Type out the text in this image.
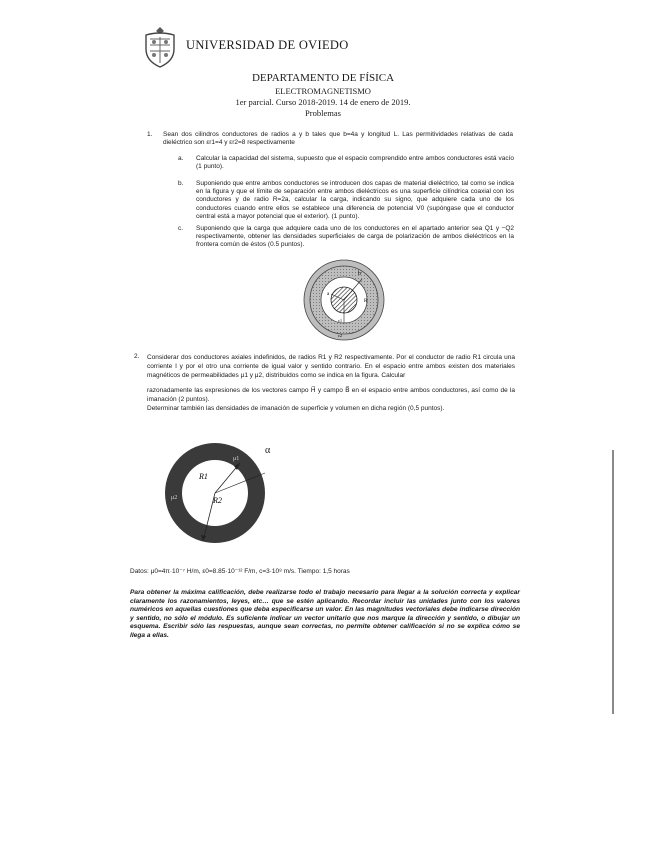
UNIVERSIDAD DE OVIEDO
DEPARTAMENTO DE FÍSICA
ELECTROMAGNETISMO
1er parcial. Curso 2018-2019. 14 de enero de 2019.
Problemas
1. Sean dos cilindros conductores de radios a y b tales que b=4a y longitud L. Las permitividades relativas de cada dieléctrico son εr1=4 y εr2=8 respectivamente
a. Calcular la capacidad del sistema, supuesto que el espacio comprendido entre ambos conductores está vacío (1 punto).
b. Suponiendo que entre ambos conductores se introducen dos capas de material dieléctrico, tal como se indica en la figura y que el límite de separación entre ambos dieléctricos es una superficie cilíndrica coaxial con los conductores y de radio R=2a, calcular la carga, indicando su signo, que adquiere cada uno de los conductores cuando entre ellos se establece una diferencia de potencial V0 (supóngase que el conductor central está a mayor potencial que el exterior). (1 punto).
c. Suponiendo que la carga que adquiere cada uno de los conductores en el apartado anterior sea Q1 y −Q2 respectivamente, obtener las densidades superficiales de carga de polarización de ambos dieléctricos en la frontera común de éstos (0.5 puntos).
b
a
R
ε1
ε2
2. Considerar dos conductores axiales indefinidos, de radios R1 y R2 respectivamente. Por el conductor de radio R1 circula una corriente I y por el otro una corriente de igual valor y sentido contrario. En el espacio entre ambos existen dos materiales magnéticos de permeabilidades μ1 y μ2, distribuidos como se indica en la figura. Calcular
razonadamente las expresiones de los vectores campo H⃗ y campo B⃗ en el espacio entre ambos conductores, así como de la imanación (2 puntos).
Determinar también las densidades de imanación de superficie y volumen en dicha región (0,5 puntos).
R1
R2
μ1
μ2
α
Datos: μ0=4π·10⁻⁷ H/m, ε0=8.85·10⁻¹² F/m, c=3·10⁸ m/s. Tiempo: 1,5 horas
Para obtener la máxima calificación, debe realizarse todo el trabajo necesario para llegar a la solución correcta y explicar claramente los razonamientos, leyes, etc… que se estén aplicando. Recordar incluir las unidades junto con los valores numéricos en aquellas cuestiones que deba especificarse un valor. En las magnitudes vectoriales debe indicarse dirección y sentido, no sólo el módulo. Es suficiente indicar un vector unitario que nos marque la dirección y sentido, o dibujar un esquema. Escribir sólo las respuestas, aunque sean correctas, no permite obtener calificación si no se explica cómo se llega a ellas.
